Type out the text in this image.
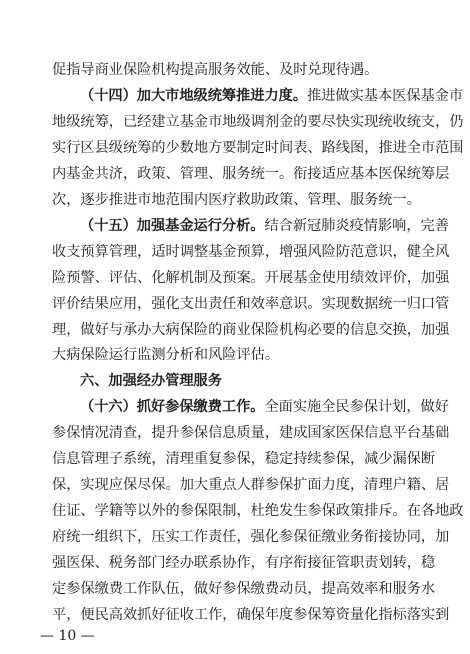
促指导商业保险机构提高服务效能、及时兑现待遇。
（十四）加大市地级统筹推进力度。推进做实基本医保基金市
地级统筹，已经建立基金市地级调剂金的要尽快实现统收统支，仍
实行区县级统筹的少数地方要制定时间表、路线图，推进全市范围
内基金共济，政策、管理、服务统一。衔接适应基本医保统筹层
次，逐步推进市地范围内医疗救助政策、管理、服务统一。
（十五）加强基金运行分析。结合新冠肺炎疫情影响，完善
收支预算管理，适时调整基金预算，增强风险防范意识，健全风
险预警、评估、化解机制及预案。开展基金使用绩效评价，加强
评价结果应用，强化支出责任和效率意识。实现数据统一归口管
理，做好与承办大病保险的商业保险机构必要的信息交换，加强
大病保险运行监测分析和风险评估。
六、加强经办管理服务
（十六）抓好参保缴费工作。全面实施全民参保计划，做好
参保情况清查，提升参保信息质量，建成国家医保信息平台基础
信息管理子系统，清理重复参保，稳定持续参保，减少漏保断
保，实现应保尽保。加大重点人群参保扩面力度，清理户籍、居
住证、学籍等以外的参保限制，杜绝发生参保政策排斥。在各地政
府统一组织下，压实工作责任，强化参保征缴业务衔接协同，加
强医保、税务部门经办联系协作，有序衔接征管职责划转，稳
定参保缴费工作队伍，做好参保缴费动员，提高效率和服务水
平，便民高效抓好征收工作，确保年度参保筹资量化指标落实到
— 10 —
